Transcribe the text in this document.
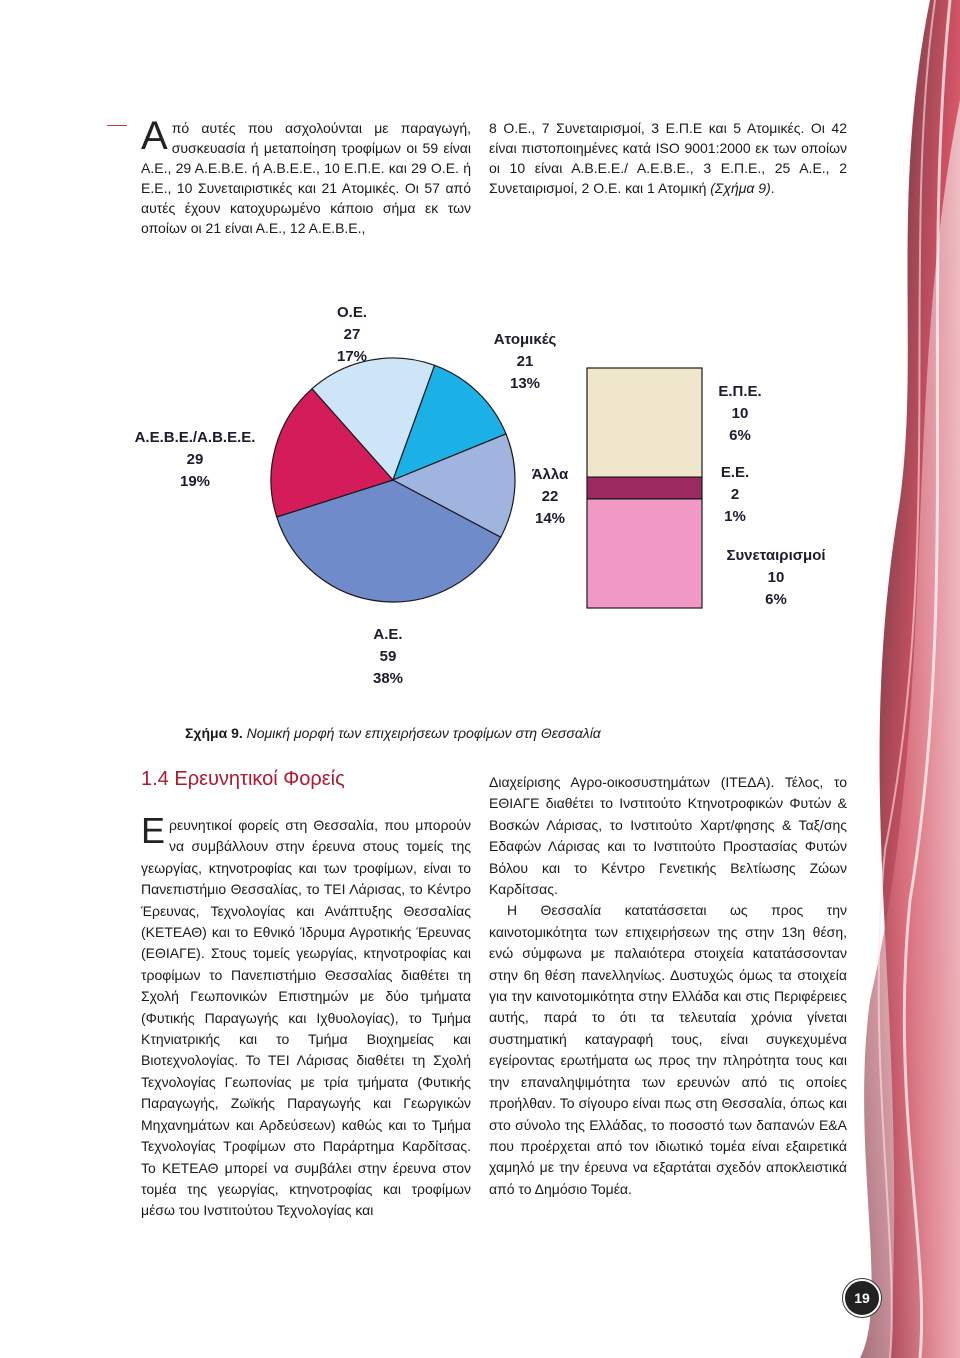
Α πό αυτές που ασχολούνται με παραγωγή, συσκευασία ή μεταποίηση τροφίμων οι 59 είναι Α.Ε., 29 Α.Ε.Β.Ε. ή Α.Β.Ε.Ε., 10 Ε.Π.Ε. και 29 Ο.Ε. ή Ε.Ε., 10 Συνεταιριστικές και 21 Ατομικές. Οι 57 από αυτές έχουν κατοχυρωμένο κάποιο σήμα εκ των οποίων οι 21 είναι Α.Ε., 12 Α.Ε.Β.Ε.,
8 Ο.Ε., 7 Συνεταιρισμοί, 3 Ε.Π.Ε και 5 Ατομικές. Οι 42 είναι πιστοποιημένες κατά ISO 9001:2000 εκ των οποίων οι 10 είναι Α.Β.Ε.Ε./ Α.Ε.Β.Ε., 3 Ε.Π.Ε., 25 Α.Ε., 2 Συνεταιρισμοί, 2 Ο.Ε. και 1 Ατομική (Σχήμα 9).
Α.Ε.Β.Ε./Α.Β.Ε.Ε.
29
19%
Ο.Ε.
27
17%
Ατομικές
21
13%
Άλλα
22
14%
Α.Ε.
59
38%
Ε.Π.Ε.
10
6%
Ε.Ε.
2
1%
Συνεταιρισμοί
10
6%
Σχήμα 9. Νομική μορφή των επιχειρήσεων τροφίμων στη Θεσσαλία
1.4 Ερευνητικοί Φορείς
Ε ρευνητικοί φορείς στη Θεσσαλία, που μπορούν να συμβάλλουν στην έρευνα στους τομείς της γεωργίας, κτηνοτροφίας και των τροφίμων, είναι το Πανεπιστήμιο Θεσσαλίας, το ΤΕΙ Λάρισας, το Κέντρο Έρευνας, Τεχνολογίας και Ανάπτυξης Θεσσαλίας (ΚΕΤΕΑΘ) και το Εθνικό Ίδρυμα Αγροτικής Έρευνας (ΕΘΙΑΓΕ). Στους τομείς γεωργίας, κτηνοτροφίας και τροφίμων το Πανεπιστήμιο Θεσσαλίας διαθέτει τη Σχολή Γεωπονικών Επιστημών με δύο τμήματα (Φυτικής Παραγωγής και Ιχθυολογίας), το Τμήμα Κτηνιατρικής και το Τμήμα Βιοχημείας και Βιοτεχνολογίας. Το ΤΕΙ Λάρισας διαθέτει τη Σχολή Τεχνολογίας Γεωπονίας με τρία τμήματα (Φυτικής Παραγωγής, Ζωϊκής Παραγωγής και Γεωργικών Μηχανημάτων και Αρδεύσεων) καθώς και το Τμήμα Τεχνολογίας Τροφίμων στο Παράρτημα Καρδίτσας. Το ΚΕΤΕΑΘ μπορεί να συμβάλει στην έρευνα στον τομέα της γεωργίας, κτηνοτροφίας και τροφίμων μέσω του Ινστιτούτου Τεχνολογίας και

Διαχείρισης Αγρο-οικοσυστημάτων (ΙΤΕΔΑ). Τέλος, το ΕΘΙΑΓΕ διαθέτει το Ινστιτούτο Κτηνοτροφικών Φυτών & Βοσκών Λάρισας, το Ινστιτούτο Χαρτ/φησης & Ταξ/σης Εδαφών Λάρισας και το Ινστιτούτο Προστασίας Φυτών Βόλου και το Κέντρο Γενετικής Βελτίωσης Ζώων Καρδίτσας.

Η Θεσσαλία κατατάσσεται ως προς την καινοτομικότητα των επιχειρήσεων της στην 13η θέση, ενώ σύμφωνα με παλαιότερα στοιχεία κατατάσσονταν στην 6η θέση πανελληνίως. Δυστυχώς όμως τα στοιχεία για την καινοτομικότητα στην Ελλάδα και στις Περιφέρειες αυτής, παρά το ότι τα τελευταία χρόνια γίνεται συστηματική καταγραφή τους, είναι συγκεχυμένα εγείροντας ερωτήματα ως προς την πληρότητα τους και την επαναληψιμότητα των ερευνών από τις οποίες προήλθαν. Το σίγουρο είναι πως στη Θεσσαλία, όπως και στο σύνολο της Ελλάδας, το ποσοστό των δαπανών Ε&Α που προέρχεται από τον ιδιωτικό τομέα είναι εξαιρετικά χαμηλό με την έρευνα να εξαρτάται σχεδόν αποκλειστικά από το Δημόσιο Τομέα.

19
